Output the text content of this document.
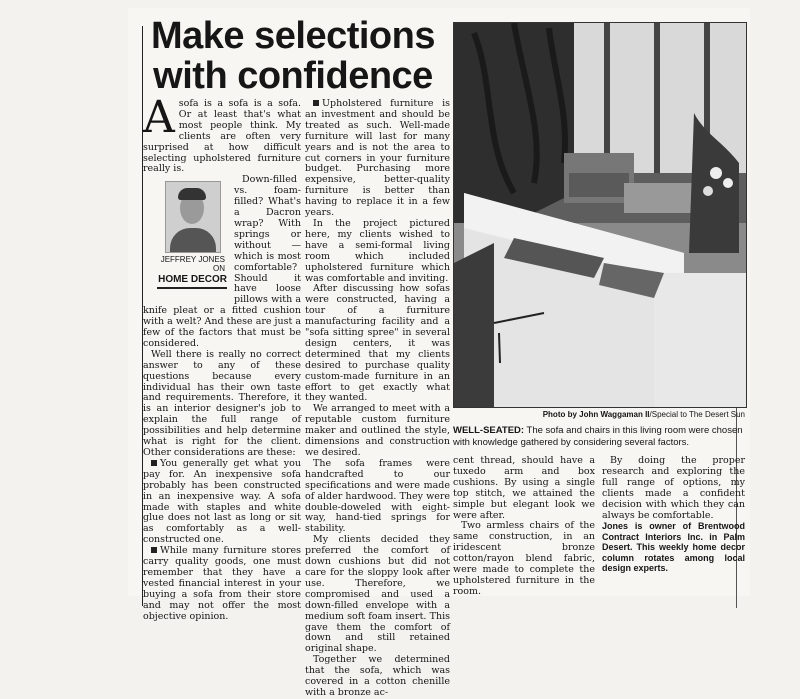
Make selections with confidence

Asofa is a sofa is a sofa. Or at least that's what most people think. My clients are often very surprised at how difficult selecting upholstered furniture really is.

JEFFREY JONES
ON
HOME DECOR

Down-filled vs. foam-filled? What's a Dacron wrap? With springs or without — which is most comfortable? Should it have loose pillows with a knife pleat or a fitted cushion with a welt? And these are just a few of the factors that must be considered.

Well there is really no correct answer to any of these questions because every individual has their own taste and requirements. Therefore, it is an interior designer's job to explain the full range of possibilities and help determine what is right for the client. Other considerations are these:

You generally get what you pay for. An inexpensive sofa probably has been constructed in an inexpensive way. A sofa made with staples and white glue does not last as long or sit as comfortably as a well-constructed one.

While many furniture stores carry quality goods, one must remember that they have a vested financial interest in your buying a sofa from their store and may not offer the most objective opinion.

Upholstered furniture is an investment and should be treated as such. Well-made furniture will last for many years and is not the area to cut corners in your furniture budget. Purchasing more expensive, better-quality furniture is better than having to replace it in a few years.

In the project pictured here, my clients wished to have a semi-formal living room which included upholstered furniture which was comfortable and inviting.

After discussing how sofas were constructed, having a tour of a furniture manufacturing facility and a "sofa sitting spree" in several design centers, it was determined that my clients desired to purchase quality custom-made furniture in an effort to get exactly what they wanted.

We arranged to meet with a reputable custom furniture maker and outlined the style, dimensions and construction we desired.

The sofa frames were handcrafted to our specifications and were made of alder hardwood. They were double-doweled with eight-way, hand-tied springs for stability.

My clients decided they preferred the comfort of down cushions but did not care for the sloppy look after use. Therefore, we compromised and used a down-filled envelope with a medium soft foam insert. This gave them the comfort of down and still retained original shape.

Together we determined that the sofa, which was covered in a cotton chenille with a bronze ac-

Photo by John Waggaman II/Special to The Desert Sun
WELL-SEATED: The sofa and chairs in this living room were chosen with knowledge gathered by considering several factors.

cent thread, should have a tuxedo arm and box cushions. By using a single top stitch, we attained the simple but elegant look we were after.

Two armless chairs of the same construction, in an iridescent bronze cotton/rayon blend fabric, were made to complete the upholstered furniture in the room.

By doing the proper research and exploring the full range of options, my clients made a confident decision with which they can always be comfortable.

Jones is owner of Brentwood Contract Interiors Inc. in Palm Desert. This weekly home decor column rotates among local design experts.
